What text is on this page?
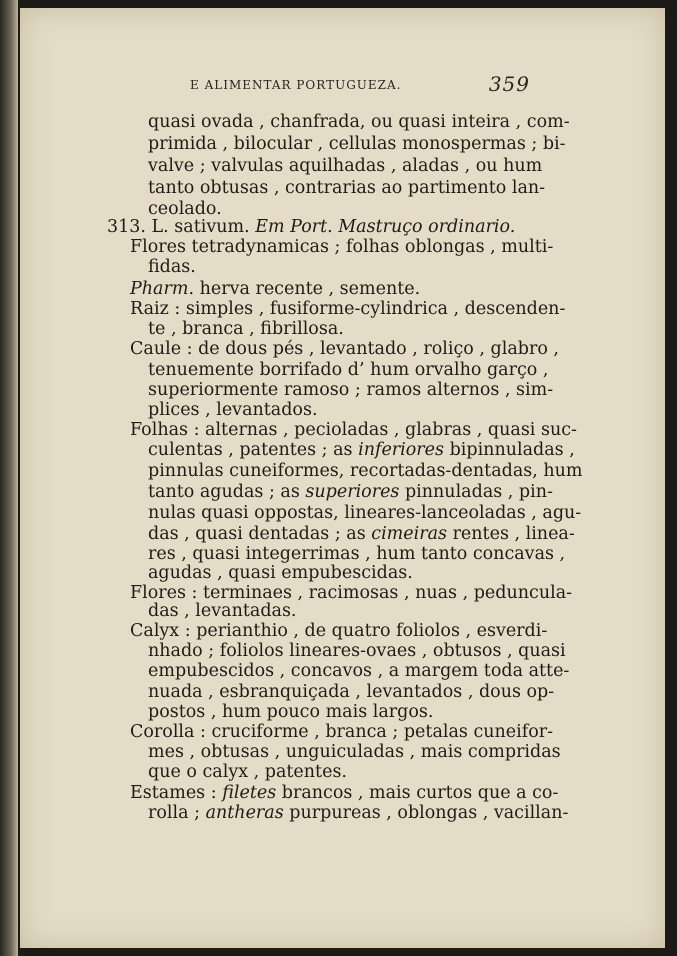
E ALIMENTAR PORTUGUEZA.	359
quasi ovada , chanfrada, ou quasi inteira , com-
primida , bilocular , cellulas monospermas ; bi-
valve ; valvulas aquilhadas , aladas , ou hum
tanto obtusas , contrarias ao partimento lan-
ceolado.
313. L. sativum. Em Port. Mastruço ordinario.
Flores tetradynamicas ; folhas oblongas , multi-
fidas.
Pharm. herva recente , semente.
Raiz : simples , fusiforme-cylindrica , descenden-
te , branca , fibrillosa.
Caule : de dous pés , levantado , roliço , glabro ,
tenuemente borrifado d’ hum orvalho garço ,
superiormente ramoso ; ramos alternos , sim-
plices , levantados.
Folhas : alternas , pecioladas , glabras , quasi suc-
culentas , patentes ; as inferiores bipinnuladas ,
pinnulas cuneiformes, recortadas-dentadas, hum
tanto agudas ; as superiores pinnuladas , pin-
nulas quasi oppostas, lineares-lanceoladas , agu-
das , quasi dentadas ; as cimeiras rentes , linea-
res , quasi integerrimas , hum tanto concavas ,
agudas , quasi empubescidas.
Flores : terminaes , racimosas , nuas , peduncula-
das , levantadas.
Calyx : perianthio , de quatro foliolos , esverdi-
nhado ; foliolos lineares-ovaes , obtusos , quasi
empubescidos , concavos , a margem toda atte-
nuada , esbranquiçada , levantados , dous op-
postos , hum pouco mais largos.
Corolla : cruciforme , branca ; petalas cuneifor-
mes , obtusas , unguiculadas , mais compridas
que o calyx , patentes.
Estames : filetes brancos , mais curtos que a co-
rolla ; antheras purpureas , oblongas , vacillan-
